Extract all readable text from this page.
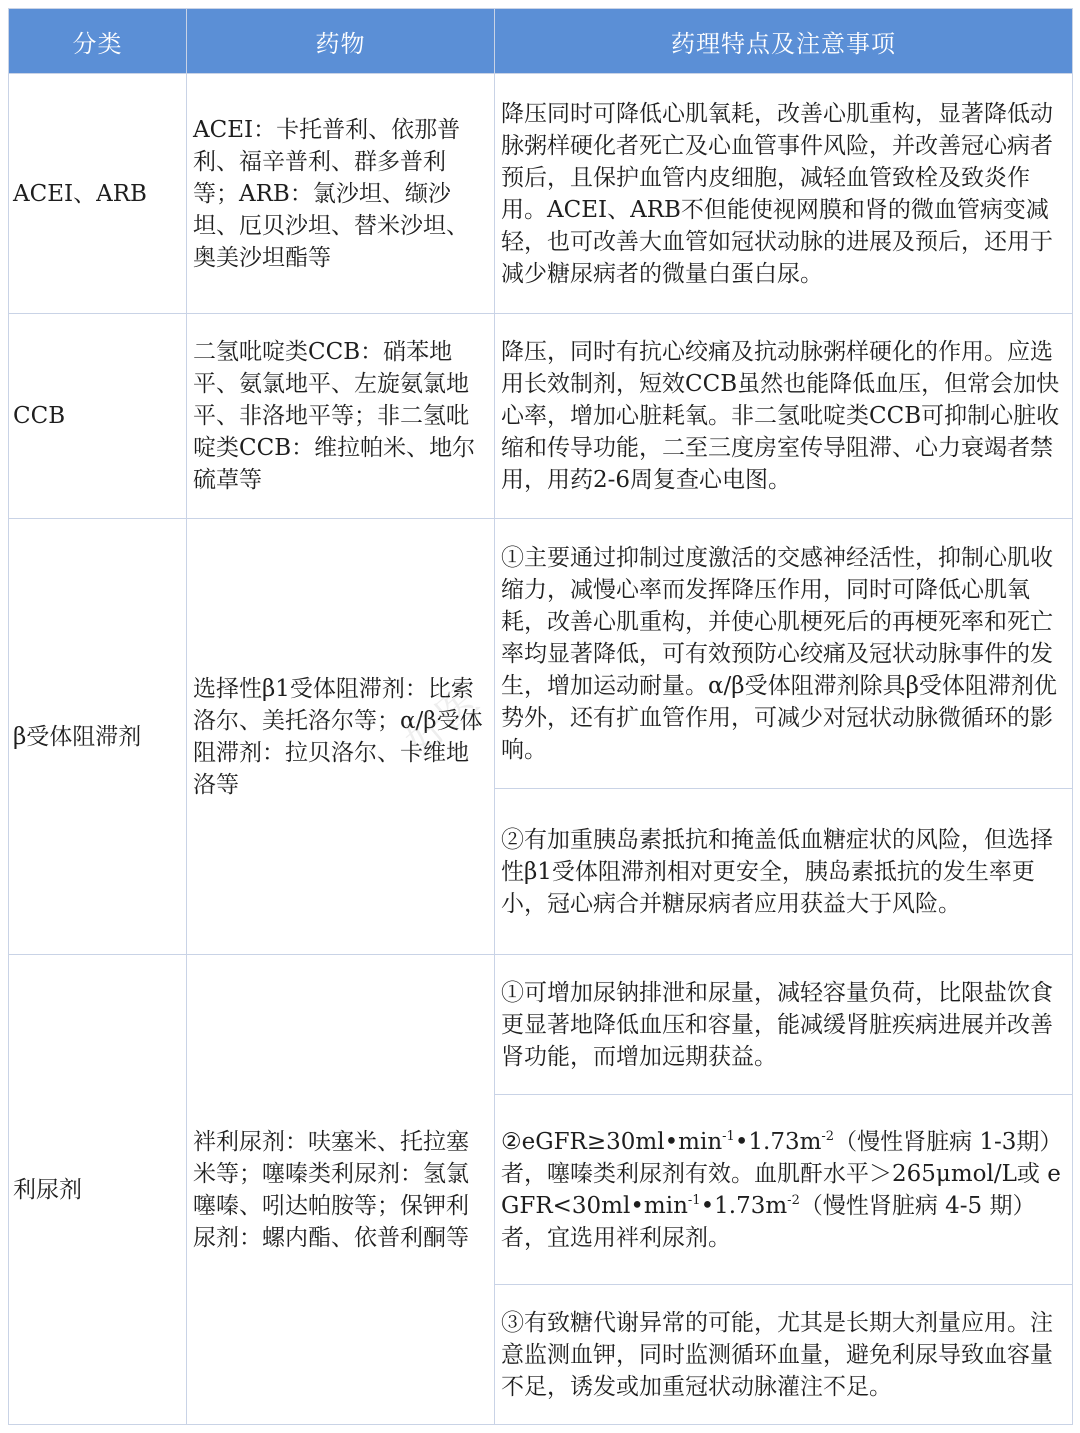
分类	药物	药理特点及注意事项
ACEI、ARB	ACEI：卡托普利、依那普利、福辛普利、群多普利等；ARB：氯沙坦、缬沙坦、厄贝沙坦、替米沙坦、奥美沙坦酯等	降压同时可降低心肌氧耗，改善心肌重构，显著降低动脉粥样硬化者死亡及心血管事件风险，并改善冠心病者预后，且保护血管内皮细胞，减轻血管致栓及致炎作用。ACEI、ARB不但能使视网膜和肾的微血管病变减轻，也可改善大血管如冠状动脉的进展及预后，还用于减少糖尿病者的微量白蛋白尿。
CCB	二氢吡啶类CCB：硝苯地平、氨氯地平、左旋氨氯地平、非洛地平等；非二氢吡啶类CCB：维拉帕米、地尔硫䓬等	降压，同时有抗心绞痛及抗动脉粥样硬化的作用。应选用长效制剂，短效CCB虽然也能降低血压，但常会加快心率，增加心脏耗氧。非二氢吡啶类CCB可抑制心脏收缩和传导功能，二至三度房室传导阻滞、心力衰竭者禁用，用药2-6周复查心电图。
β受体阻滞剂	选择性β1受体阻滞剂：比索洛尔、美托洛尔等；α/β受体阻滞剂：拉贝洛尔、卡维地洛等	①主要通过抑制过度激活的交感神经活性，抑制心肌收缩力，减慢心率而发挥降压作用，同时可降低心肌氧耗，改善心肌重构，并使心肌梗死后的再梗死率和死亡率均显著降低，可有效预防心绞痛及冠状动脉事件的发生，增加运动耐量。α/β受体阻滞剂除具β受体阻滞剂优势外，还有扩血管作用，可减少对冠状动脉微循环的影响。
		②有加重胰岛素抵抗和掩盖低血糖症状的风险，但选择性β1受体阻滞剂相对更安全，胰岛素抵抗的发生率更小，冠心病合并糖尿病者应用获益大于风险。
利尿剂	袢利尿剂：呋塞米、托拉塞米等；噻嗪类利尿剂：氢氯噻嗪、吲达帕胺等；保钾利尿剂：螺内酯、依普利酮等	①可增加尿钠排泄和尿量，减轻容量负荷，比限盐饮食更显著地降低血压和容量，能减缓肾脏疾病进展并改善肾功能，而增加远期获益。
		$②eGFR\ge 30ml•\min^{-1}•1.73m^{-2}$（慢性肾脏病 1-3期）者，噻嗪类利尿剂有效。血肌酐水平＞265μmol/L或 $eGFR<30ml•\min^{-1}•1.73m^{-2}$（慢性肾脏病 4-5 期）者，宜选用袢利尿剂。
		③有致糖代谢异常的可能，尤其是长期大剂量应用。注意监测血钾，同时监测循环血量，避免利尿导致血容量不足，诱发或加重冠状动脉灌注不足。
好医
